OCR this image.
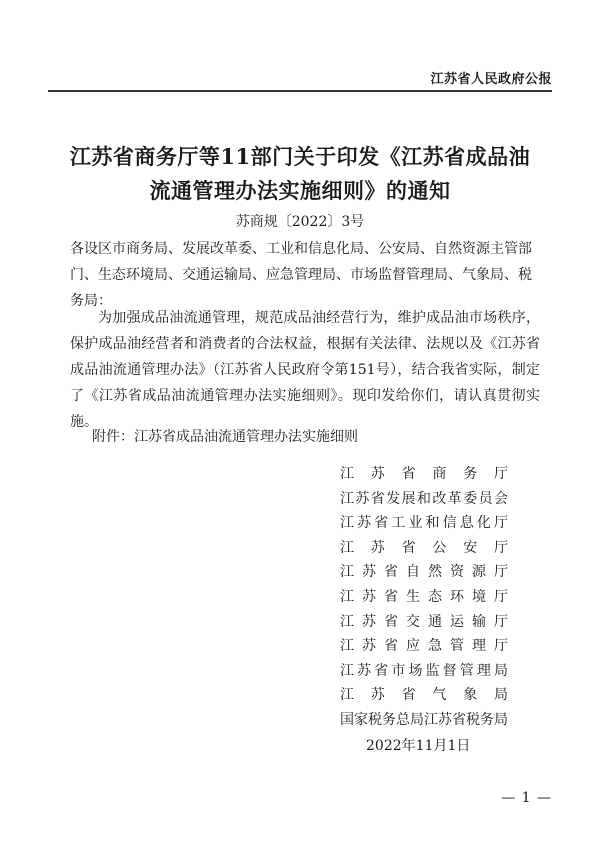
江苏省人民政府公报
江苏省商务厅等11部门关于印发《江苏省成品油
流通管理办法实施细则》的通知
苏商规〔2022〕3号
各设区市商务局、发展改革委、工业和信息化局、公安局、自然资源主管部门、生态环境局、交通运输局、应急管理局、市场监督管理局、气象局、税务局：
为加强成品油流通管理，规范成品油经营行为，维护成品油市场秩序，保护成品油经营者和消费者的合法权益，根据有关法律、法规以及《江苏省成品油流通管理办法》（江苏省人民政府令第151号），结合我省实际，制定了《江苏省成品油流通管理办法实施细则》。现印发给你们，请认真贯彻实施。
附件：江苏省成品油流通管理办法实施细则
江苏省商务厅
江苏省发展和改革委员会
江苏省工业和信息化厅
江苏省公安厅
江苏省自然资源厅
江苏省生态环境厅
江苏省交通运输厅
江苏省应急管理厅
江苏省市场监督管理局
江苏省气象局
国家税务总局江苏省税务局
2022年11月1日
— 1 —
